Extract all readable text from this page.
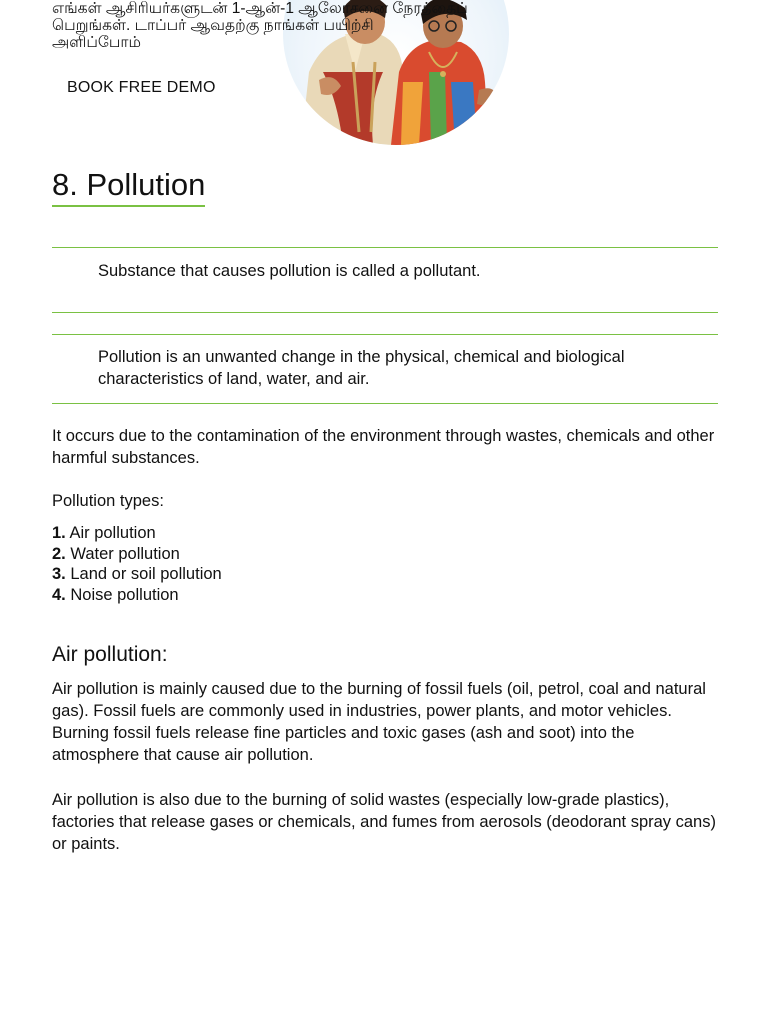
எங்கள் ஆசிரியர்களுடன் 1-ஆன்-1 ஆலோசனை நேரத்தைப்
பெறுங்கள். டாப்பர் ஆவதற்கு நாங்கள் பயிற்சி
அளிப்போம்
BOOK FREE DEMO
8. Pollution

Substance that causes pollution is called a pollutant.

Pollution is an unwanted change in the physical, chemical and biological characteristics of land, water, and air.

It occurs due to the contamination of the environment through wastes, chemicals and other harmful substances.

Pollution types:

1. Air pollution
2. Water pollution
3. Land or soil pollution
4. Noise pollution
Air pollution:

Air pollution is mainly caused due to the burning of fossil fuels (oil, petrol, coal and natural gas). Fossil fuels are commonly used in industries, power plants, and motor vehicles. Burning fossil fuels release fine particles and toxic gases (ash and soot) into the atmosphere that cause air pollution.

Air pollution is also due to the burning of solid wastes (especially low-grade plastics), factories that release gases or chemicals, and fumes from aerosols (deodorant spray cans) or paints.
